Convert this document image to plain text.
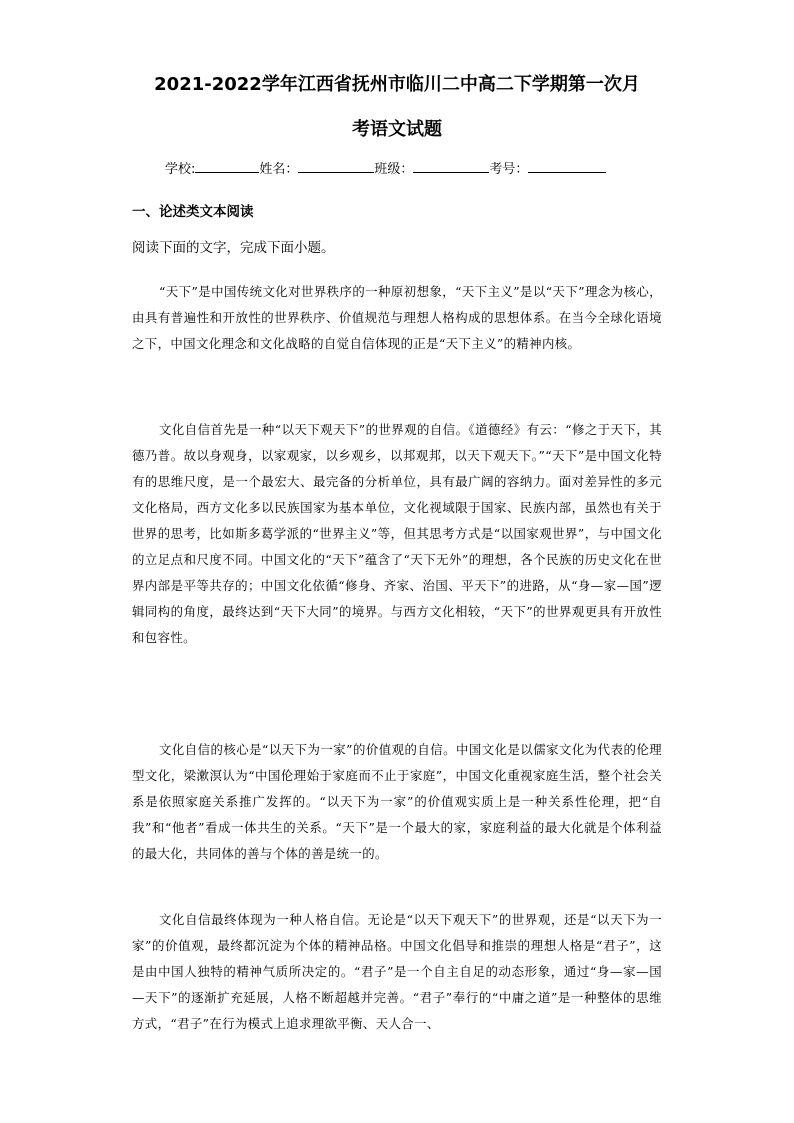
2021-2022学年江西省抚州市临川二中高二下学期第一次月
考语文试题
学校:	姓名：	班级：	考号：
一、论述类文本阅读
阅读下面的文字，完成下面小题。

“天下”是中国传统文化对世界秩序的一种原初想象，“天下主义”是以“天下”理念为核心，由具有普遍性和开放性的世界秩序、价值规范与理想人格构成的思想体系。在当今全球化语境之下，中国文化理念和文化战略的自觉自信体现的正是“天下主义”的精神内核。

文化自信首先是一种“以天下观天下”的世界观的自信。《道德经》有云：“修之于天下，其德乃普。故以身观身，以家观家，以乡观乡，以邦观邦，以天下观天下。”“天下”是中国文化特有的思维尺度，是一个最宏大、最完备的分析单位，具有最广阔的容纳力。面对差异性的多元文化格局，西方文化多以民族国家为基本单位，文化视域限于国家、民族内部，虽然也有关于世界的思考，比如斯多葛学派的“世界主义”等，但其思考方式是“以国家观世界”，与中国文化的立足点和尺度不同。中国文化的“天下”蕴含了“天下无外”的理想，各个民族的历史文化在世界内部是平等共存的；中国文化依循“修身、齐家、治国、平天下”的进路，从“身—家—国”逻辑同构的角度，最终达到“天下大同”的境界。与西方文化相较，“天下”的世界观更具有开放性和包容性。

文化自信的核心是“以天下为一家”的价值观的自信。中国文化是以儒家文化为代表的伦理型文化，梁漱溟认为“中国伦理始于家庭而不止于家庭”，中国文化重视家庭生活，整个社会关系是依照家庭关系推广发挥的。“以天下为一家”的价值观实质上是一种关系性伦理，把“自我”和“他者”看成一体共生的关系。“天下”是一个最大的家，家庭利益的最大化就是个体利益的最大化，共同体的善与个体的善是统一的。

文化自信最终体现为一种人格自信。无论是“以天下观天下”的世界观，还是“以天下为一家”的价值观，最终都沉淀为个体的精神品格。中国文化倡导和推崇的理想人格是“君子”，这是由中国人独特的精神气质所决定的。“君子”是一个自主自足的动态形象，通过“身—家—国—天下”的逐渐扩充延展，人格不断超越并完善。“君子”奉行的“中庸之道”是一种整体的思维方式，“君子”在行为模式上追求理欲平衡、天人合一、
